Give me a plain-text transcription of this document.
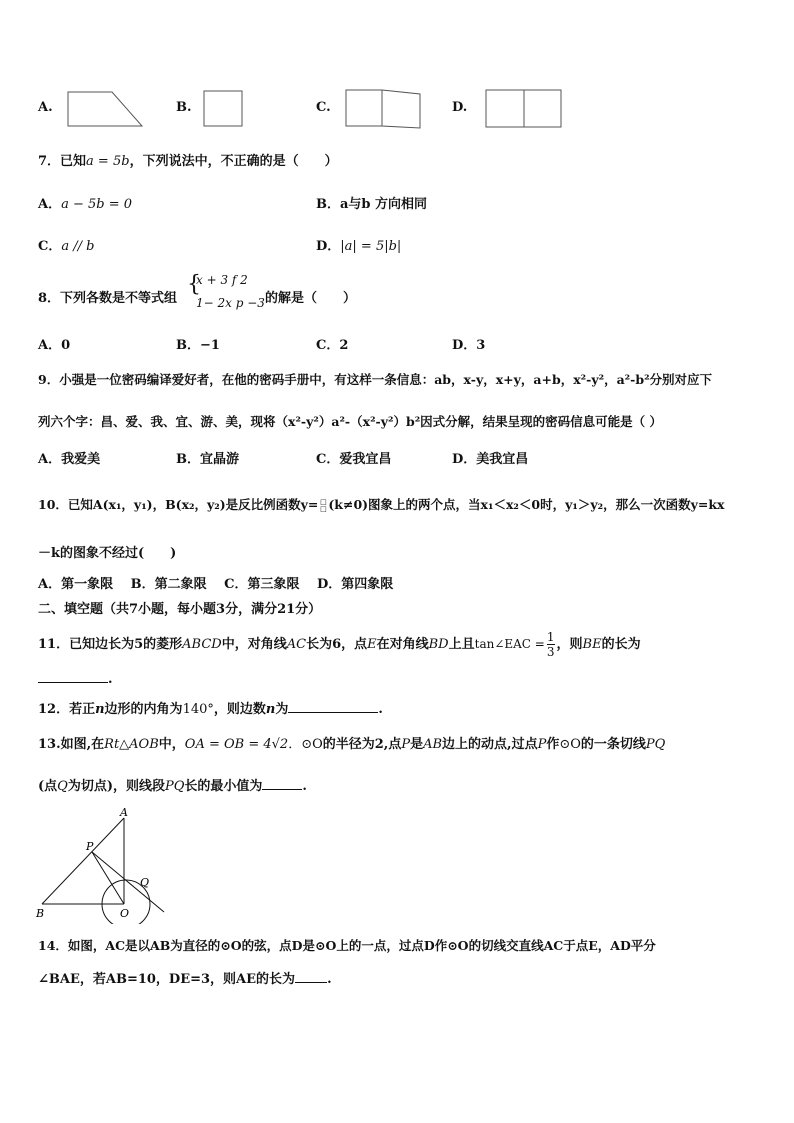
A.	B.	C.	D.
7．已知a = 5b，下列说法中，不正确的是（　　）
A．a − 5b = 0	B．a与b 方向相同
C．a // b	D．|a| = 5|b|
8．下列各数是不等式组
{
x + 3 f 2
1− 2x p −3 的解是（　　）
A．0	B．−1	C．2	D．3
9．小强是一位密码编译爱好者，在他的密码手册中，有这样一条信息：ab，x-y，x+y，a+b，x²-y²，a²-b²分别对应下
列六个字：昌、爱、我、宜、游、美，现将（x²-y²）a²-（x²-y²）b²因式分解，结果呈现的密码信息可能是（ ）
A．我爱美	B．宜晶游	C．爱我宜昌	D．美我宜昌
10．已知A(x₁，y₁)，B(x₂，y₂)是反比例函数y= □
□ (k≠0)图象上的两个点，当x₁＜x₂＜0时，y₁＞y₂，那么一次函数y=kx
－k的图象不经过(　　)
A．第一象限　 B．第二象限　 C．第三象限　 D．第四象限
二、填空题（共7小题，每小题3分，满分21分）
11．已知边长为5的菱形ABCD中，对角线AC长为6，点E在对角线BD上且tan∠EAC = $\frac{1}{3}$ ，则BE的长为
.
12．若正n边形的内角为140°，则边数n为	.
13.如图,在Rt△AOB中，OA = OB = 4√2．⊙O的半径为2,点P是AB边上的动点,过点P作⊙O的一条切线PQ
(点Q为切点)，则线段PQ长的最小值为	.
A
P
Q
B	O
14．如图，AC是以AB为直径的⊙O的弦，点D是⊙O上的一点，过点D作⊙O的切线交直线AC于点E，AD平分
∠BAE，若AB=10，DE=3，则AE的长为 .
